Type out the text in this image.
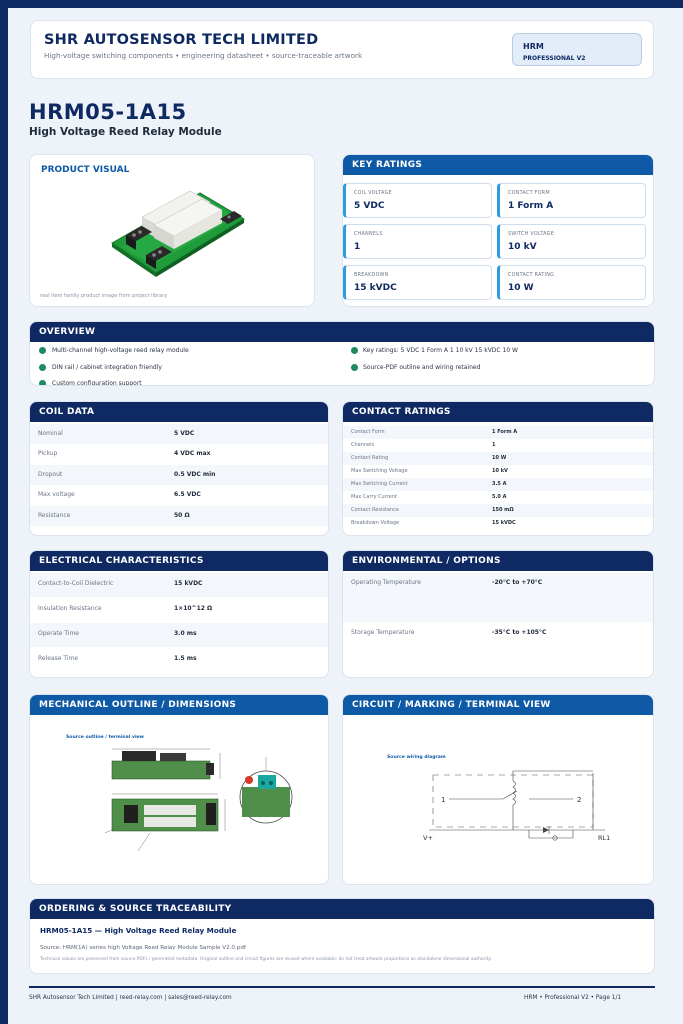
SHR AUTOSENSOR TECH LIMITED
High-voltage switching components • engineering datasheet • source-traceable artwork
HRM
PROFESSIONAL V2
HRM05-1A15
High Voltage Reed Relay Module
PRODUCT VISUAL
real item family product image from project library
KEY RATINGS
COIL VOLTAGE
5 VDC
CONTACT FORM
1 Form A
CHANNELS
1
SWITCH VOLTAGE
10 kV
BREAKDOWN
15 kVDC
CONTACT RATING
10 W
OVERVIEW
Multi-channel high-voltage reed relay module	Key ratings: 5 VDC 1 Form A 1 10 kV 15 kVDC 10 W
DIN rail / cabinet integration friendly	Source-PDF outline and wiring retained
Custom configuration support
COIL DATA
Nominal	5 VDC
Pickup	4 VDC max
Dropout	0.5 VDC min
Max voltage	6.5 VDC
Resistance	50 Ω
CONTACT RATINGS
Contact Form	1 Form A
Channels	1
Contact Rating	10 W
Max Switching Voltage	10 kV
Max Switching Current	3.5 A
Max Carry Current	5.0 A
Contact Resistance	150 mΩ
Breakdown Voltage	15 kVDC
ELECTRICAL CHARACTERISTICS
Contact-to-Coil Dielectric	15 kVDC
Insulation Resistance	1×10^12 Ω
Operate Time	3.0 ms
Release Time	1.5 ms
ENVIRONMENTAL / OPTIONS
Operating Temperature	-20°C to +70°C
Storage Temperature	-35°C to +105°C
MECHANICAL OUTLINE / DIMENSIONS
Source outline / terminal view
CIRCUIT / MARKING / TERMINAL VIEW
Source wiring diagram
1	2
V+	RL1
ORDERING & SOURCE TRACEABILITY
HRM05-1A15 — High Voltage Reed Relay Module
Source: HRM(1A) series high Voltage Reed Relay Module Sample V2.0.pdf
Technical values are preserved from source PDFs / generated metadata. Original outline and circuit figures are reused where available; do not treat artwork proportions as standalone dimensional authority.
SHR Autosensor Tech Limited | reed-relay.com | sales@reed-relay.com	HRM • Professional V2 • Page 1/1
